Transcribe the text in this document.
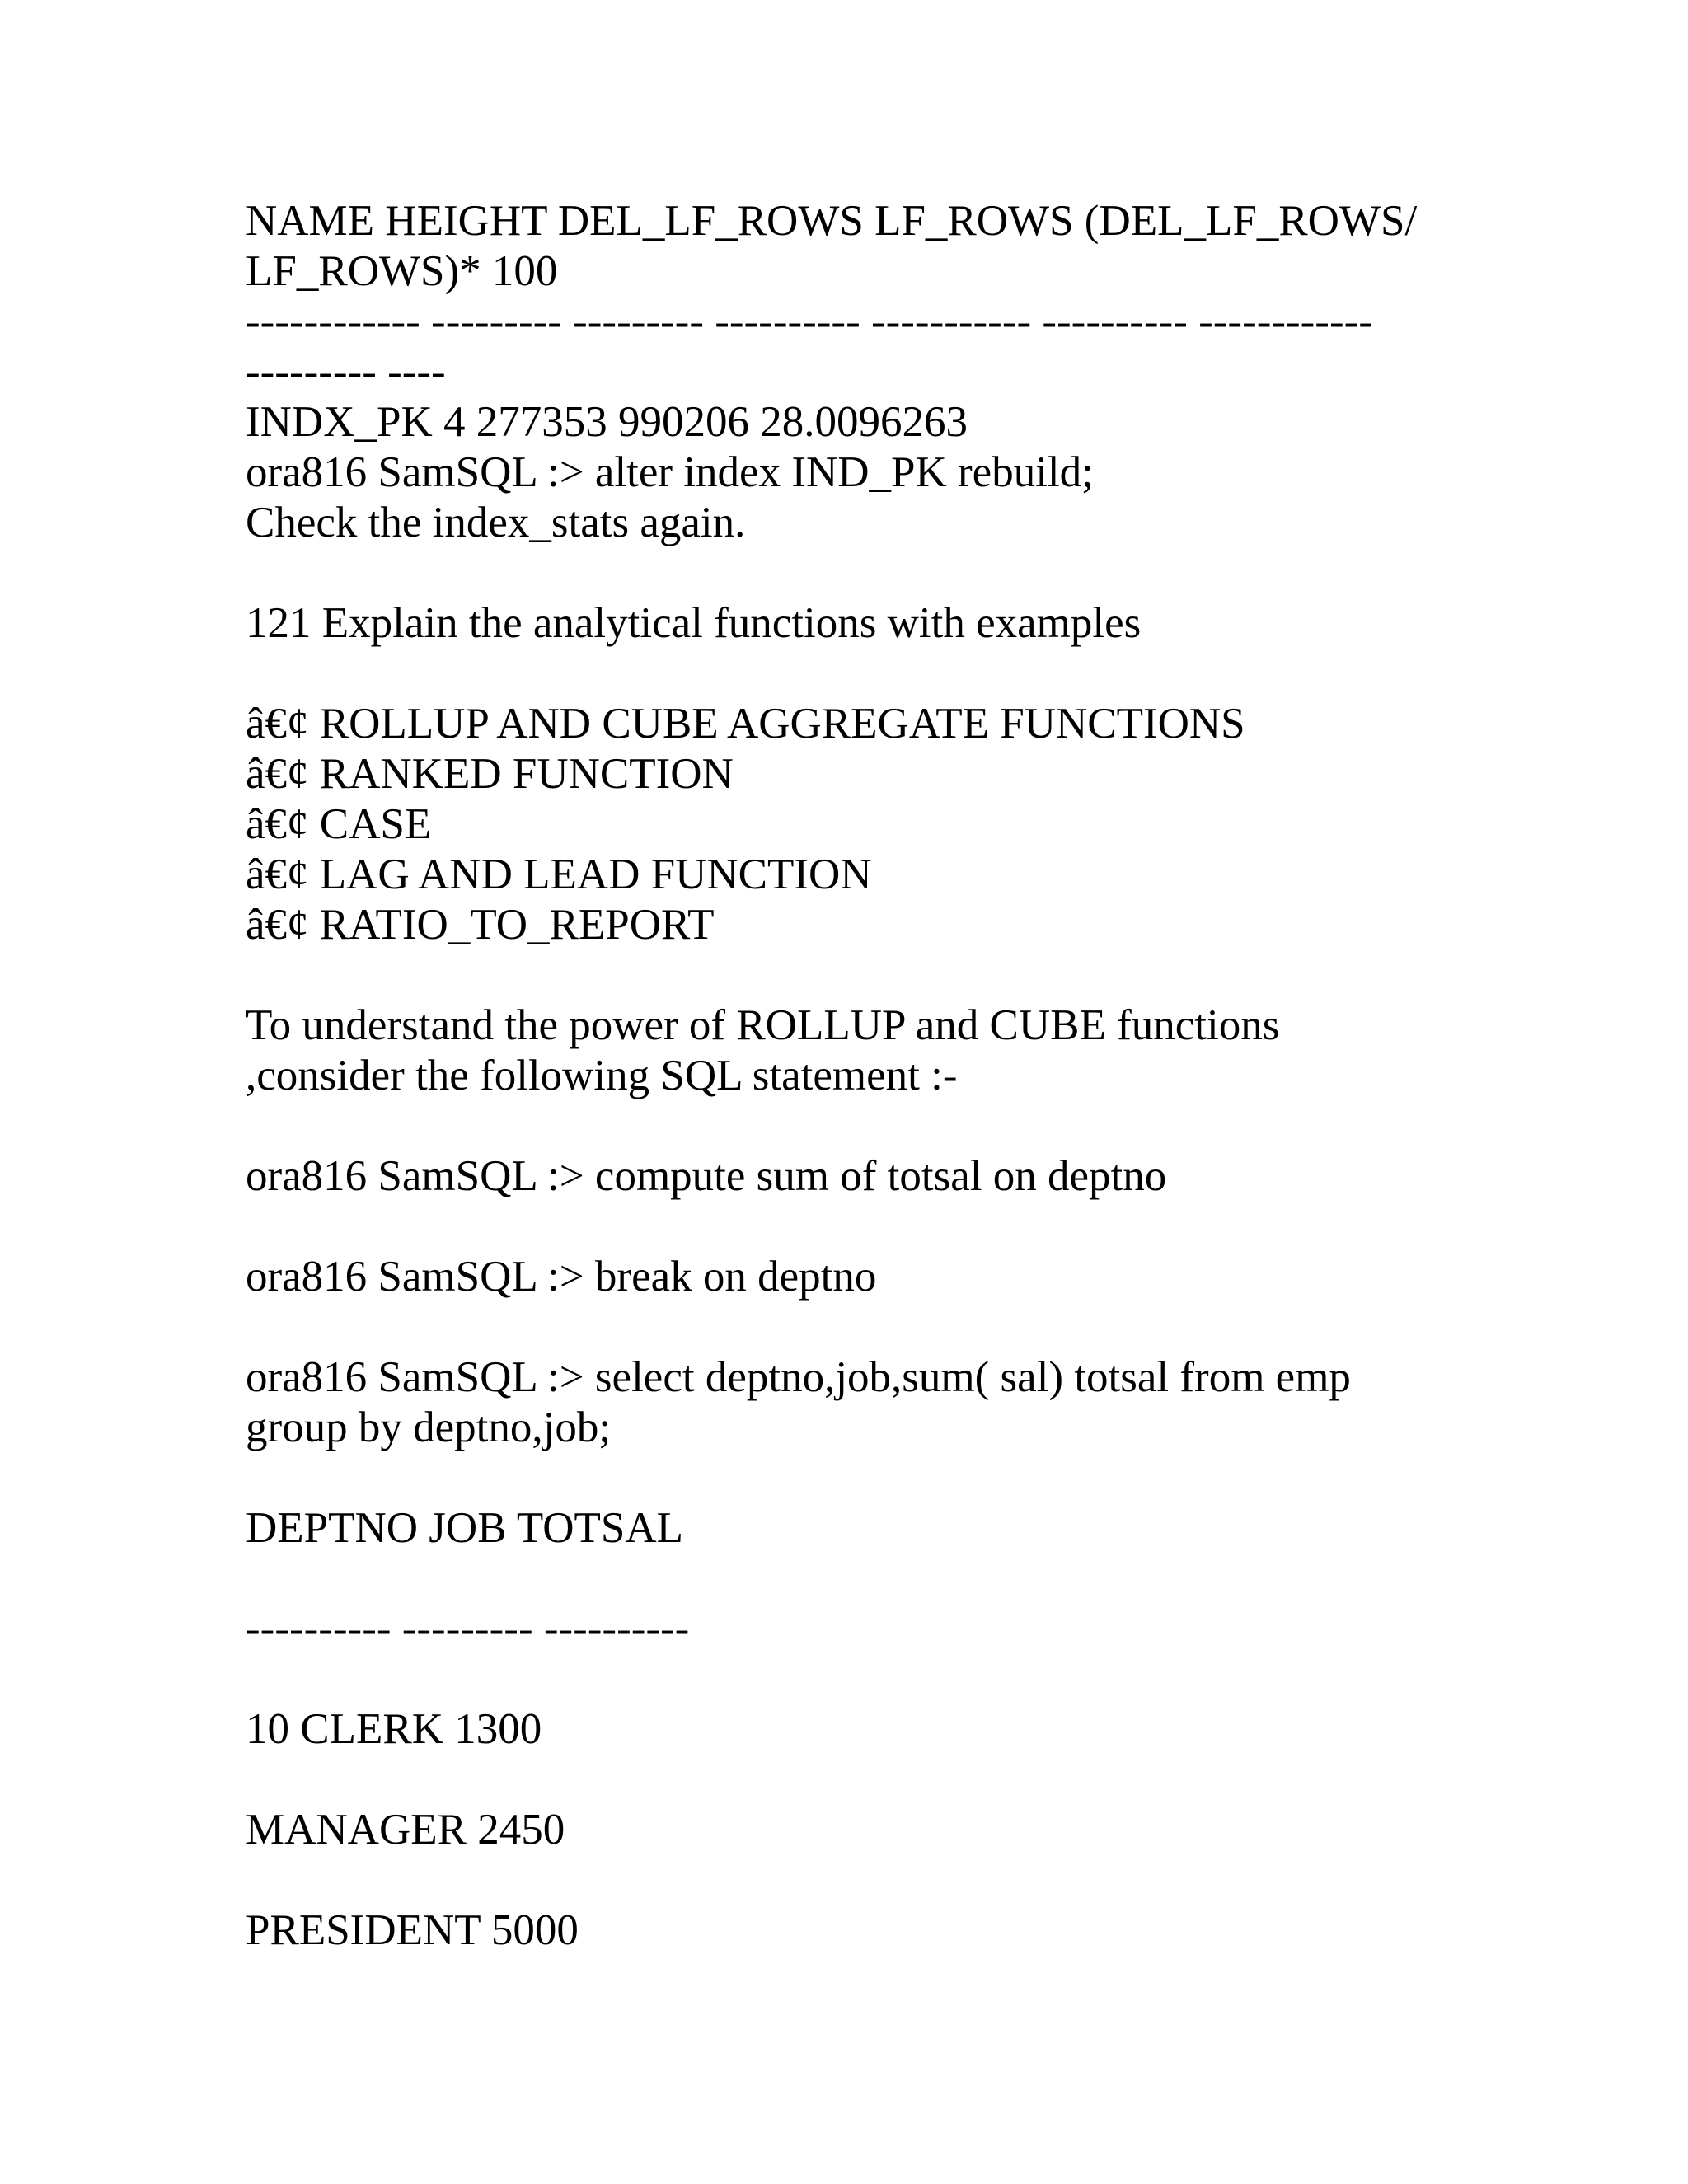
NAME HEIGHT DEL_LF_ROWS LF_ROWS (DEL_LF_ROWS/
LF_ROWS)* 100
------------ --------- --------- ---------- ----------- ---------- ------------
--------- ----
INDX_PK 4 277353 990206 28.0096263
ora816 SamSQL :> alter index IND_PK rebuild;
Check the index_stats again.
121 Explain the analytical functions with examples
â€¢ ROLLUP AND CUBE AGGREGATE FUNCTIONS
â€¢ RANKED FUNCTION
â€¢ CASE
â€¢ LAG AND LEAD FUNCTION
â€¢ RATIO_TO_REPORT
To understand the power of ROLLUP and CUBE functions
,consider the following SQL statement :-
ora816 SamSQL :> compute sum of totsal on deptno
ora816 SamSQL :> break on deptno
ora816 SamSQL :> select deptno,job,sum( sal) totsal from emp
group by deptno,job;
DEPTNO JOB TOTSAL
---------- --------- ----------
10 CLERK 1300
MANAGER 2450
PRESIDENT 5000
